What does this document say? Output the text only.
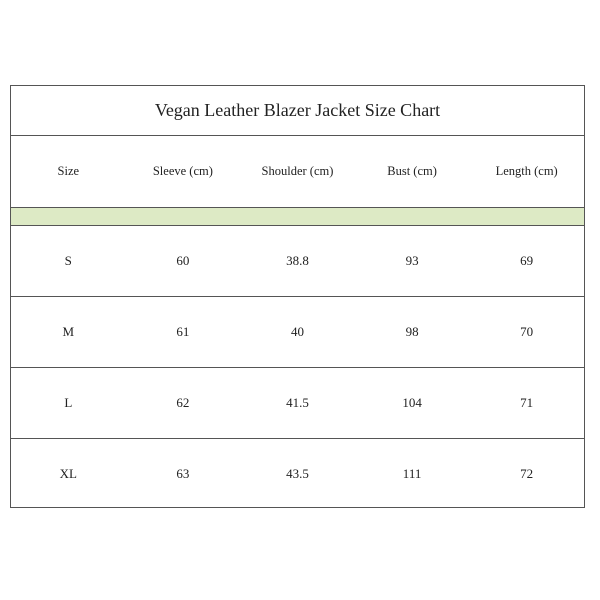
Vegan Leather Blazer Jacket Size Chart
Size	Sleeve (cm)	Shoulder (cm)	Bust (cm)	Length (cm)
S	60	38.8	93	69
M	61	40	98	70
L	62	41.5	104	71
XL	63	43.5	111	72
